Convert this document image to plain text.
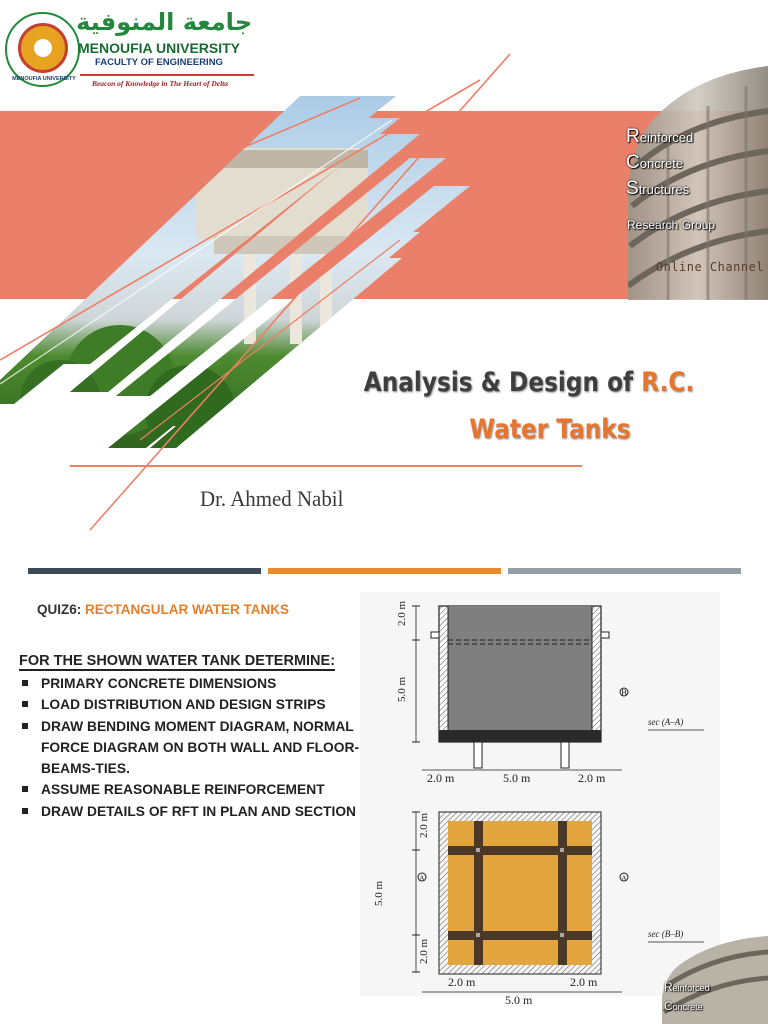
Reinforced
Concrete
Structures
Research Group
Online Channel
MENOUFIA UNIVERSITY
جامعة المنوفية
MENOUFIA UNIVERSITY
FACULTY OF ENGINEERING
Beacon of Knowledge in The Heart of Delta
Analysis & Design of R.C.
Water Tanks
Dr. Ahmed Nabil
QUIZ6: RECTANGULAR WATER TANKS
FOR THE SHOWN WATER TANK DETERMINE:
PRIMARY CONCRETE DIMENSIONS
LOAD DISTRIBUTION AND DESIGN STRIPS
DRAW BENDING MOMENT DIAGRAM, NORMAL FORCE DIAGRAM ON BOTH WALL AND FLOOR-BEAMS-TIES.
ASSUME REASONABLE REINFORCEMENT
DRAW DETAILS OF RFT IN PLAN AND SECTION
2.0 m
5.0 m	B
2.0 m	5.0 m	2.0 m
sec (A–A)
2.0 m
5.0 m
2.0 m
A	A
2.0 m
5.0 m
2.0 m
sec (B–B)
Reinforced
Concrete
